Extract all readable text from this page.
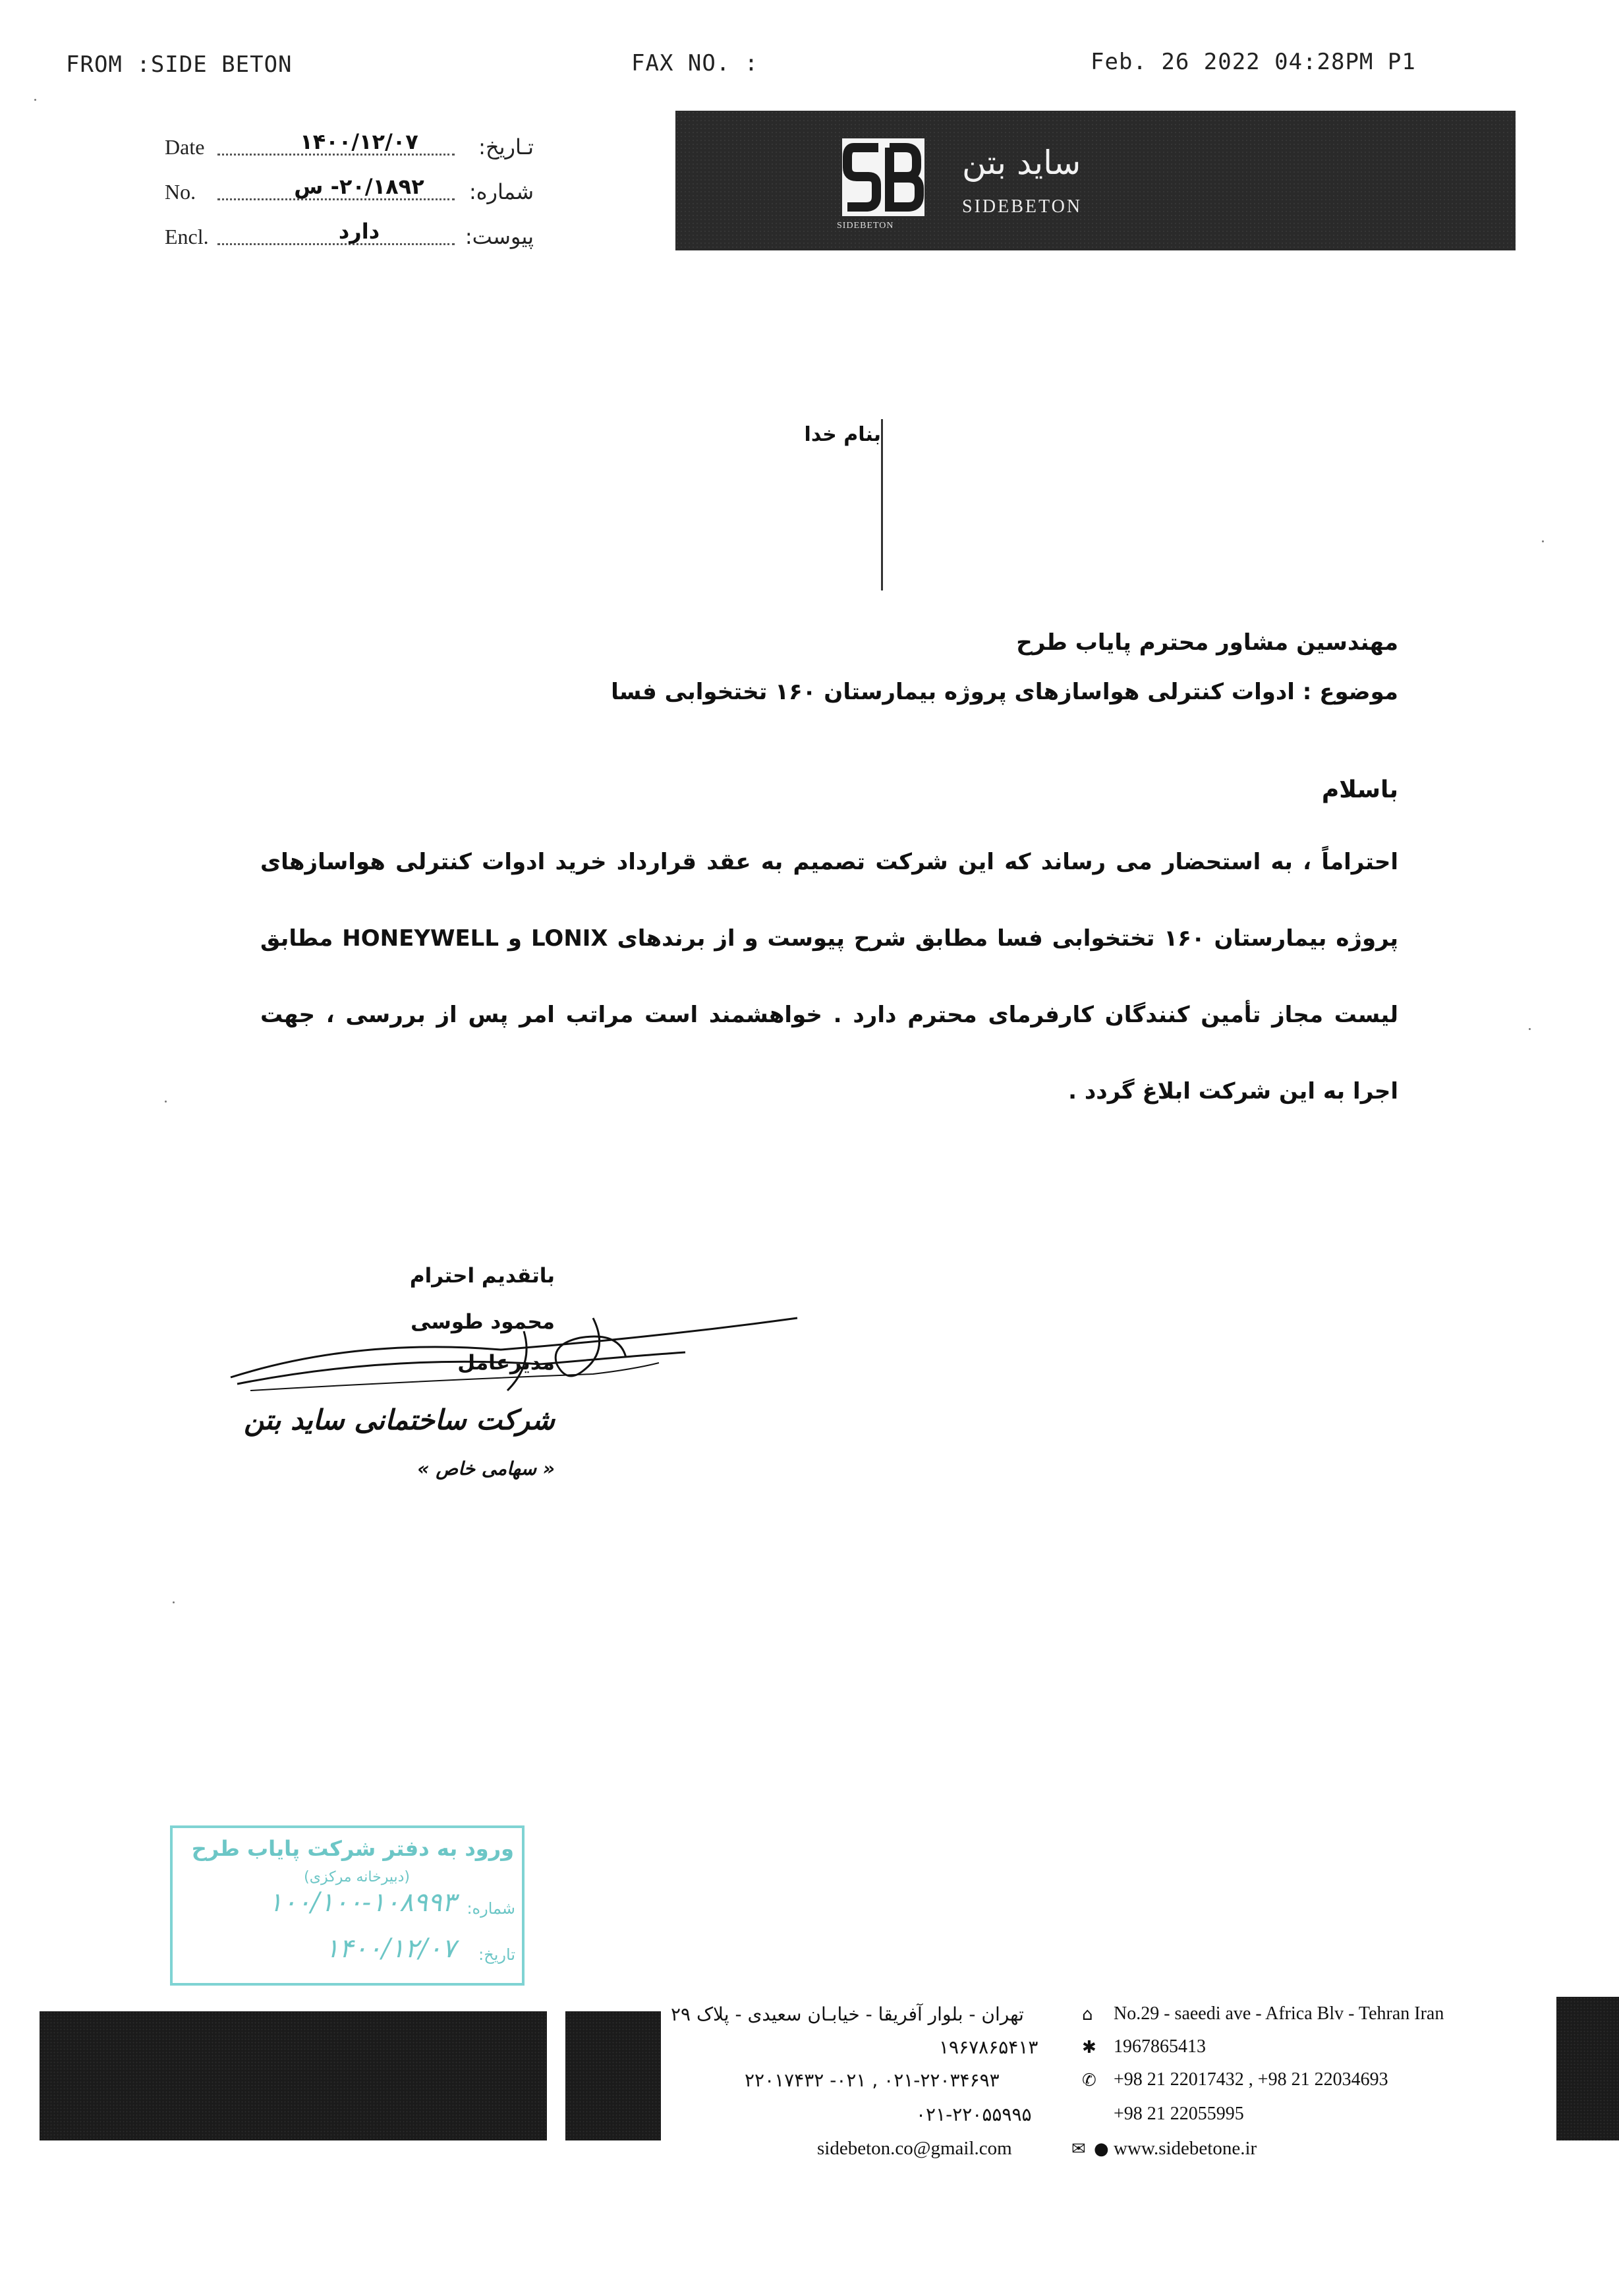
FROM :SIDE BETON	FAX NO. :	Feb. 26 2022 04:28PM P1
Date	۱۴۰۰/۱۲/۰۷	تـاریخ:
No.	۲۰/۱۸۹۲- س	شماره:
Encl.	دارد	پیوست:	SIDEBETON
ساید بتن
SIDEBETON
بنام خدا
مهندسین مشاور محترم پایاب طرح
موضوع : ادوات کنترلی هواسازهای پروژه بیمارستان ۱۶۰ تختخوابی فسا
باسلام
احتراماً ، به استحضار می رساند که این شرکت تصمیم به عقد قرارداد خرید ادوات کنترلی هواسازهای پروژه بیمارستان ۱۶۰ تختخوابی فسا مطابق شرح پیوست و از برندهای LONIX و HONEYWELL مطابق لیست مجاز تأمین کنندگان کارفرمای محترم دارد . خواهشمند است مراتب امر پس از بررسی ، جهت اجرا به این شرکت ابلاغ گردد .
باتقدیم احترام
محمود طوسی
مدیرعامل
شرکت ساختمانی ساید بتن
« سهامی خاص »
ورود به دفتر شرکت پایاب طرح
(دبیرخانه مرکزی)
شماره:
۱۰۰/۱۰۰-۱۰۸۹۹۳
تاریخ:
۱۴۰۰/۱۲/۰۷
تهران - بلوار آفریقا - خیابـان سعیدی - پلاک ۲۹	⌂ No.29 - saeedi ave - Africa Blv - Tehran Iran
۱۹۶۷۸۶۵۴۱۳	✱ 1967865413
۰۲۱-۲۲۰۳۴۶۹۳ , ۰۲۱- ۲۲۰۱۷۴۳۲	✆ +98 21 22017432 , +98 21 22034693
۰۲۱-۲۲۰۵۵۹۹۵	+98 21 22055995
sidebeton.co@gmail.com	✉ ● www.sidebetone.ir
